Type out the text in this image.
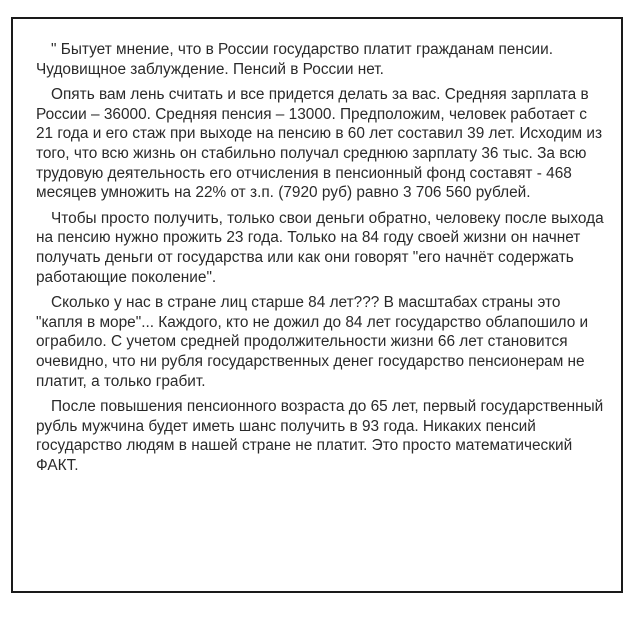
" Бытует мнение, что в России государство платит гражданам пенсии. Чудовищное заблуждение. Пенсий в России нет.

Опять вам лень считать и все придется делать за вас. Средняя зарплата в России – 36000. Средняя пенсия – 13000. Предположим, человек работает с 21 года и его стаж при выходе на пенсию в 60 лет составил 39 лет. Исходим из того, что всю жизнь он стабильно получал среднюю зарплату 36 тыс. За всю трудовую деятельность его отчисления в пенсионный фонд составят - 468 месяцев умножить на 22% от з.п. (7920 руб) равно 3 706 560 рублей.

Чтобы просто получить, только свои деньги обратно, человеку после выхода на пенсию нужно прожить 23 года. Только на 84 году своей жизни он начнет получать деньги от государства или как они говорят "его начнёт содержать работающие поколение".

Сколько у нас в стране лиц старше 84 лет??? В масштабах страны это "капля в море"... Каждого, кто не дожил до 84 лет государство облапошило и ограбило. С учетом средней продолжительности жизни 66 лет становится очевидно, что ни рубля государственных денег государство пенсионерам не платит, а только грабит.

После повышения пенсионного возраста до 65 лет, первый государственный рубль мужчина будет иметь шанс получить в 93 года. Никаких пенсий государство людям в нашей стране не платит. Это просто математический ФАКТ.
